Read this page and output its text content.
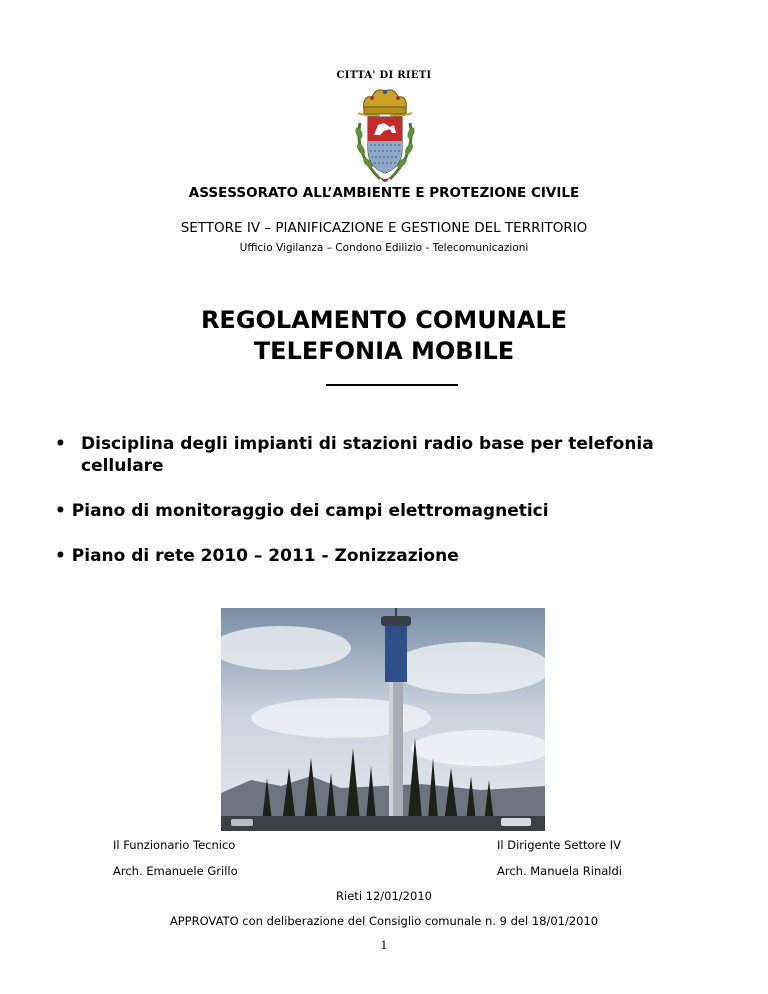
CITTA' DI RIETI
ASSESSORATO ALL’AMBIENTE E PROTEZIONE CIVILE
SETTORE IV – PIANIFICAZIONE E GESTIONE DEL TERRITORIO
Ufficio Vigilanza – Condono Edilizio - Telecomunicazioni
REGOLAMENTO COMUNALE
TELEFONIA MOBILE
• Disciplina degli impianti di stazioni radio base per telefonia cellulare
• Piano di monitoraggio dei campi elettromagnetici
• Piano di rete 2010 – 2011 - Zonizzazione
Il Funzionario Tecnico	Il Dirigente Settore IV
Arch. Emanuele Grillo	Arch. Manuela Rinaldi
Rieti 12/01/2010
APPROVATO con deliberazione del Consiglio comunale n. 9 del 18/01/2010
1
